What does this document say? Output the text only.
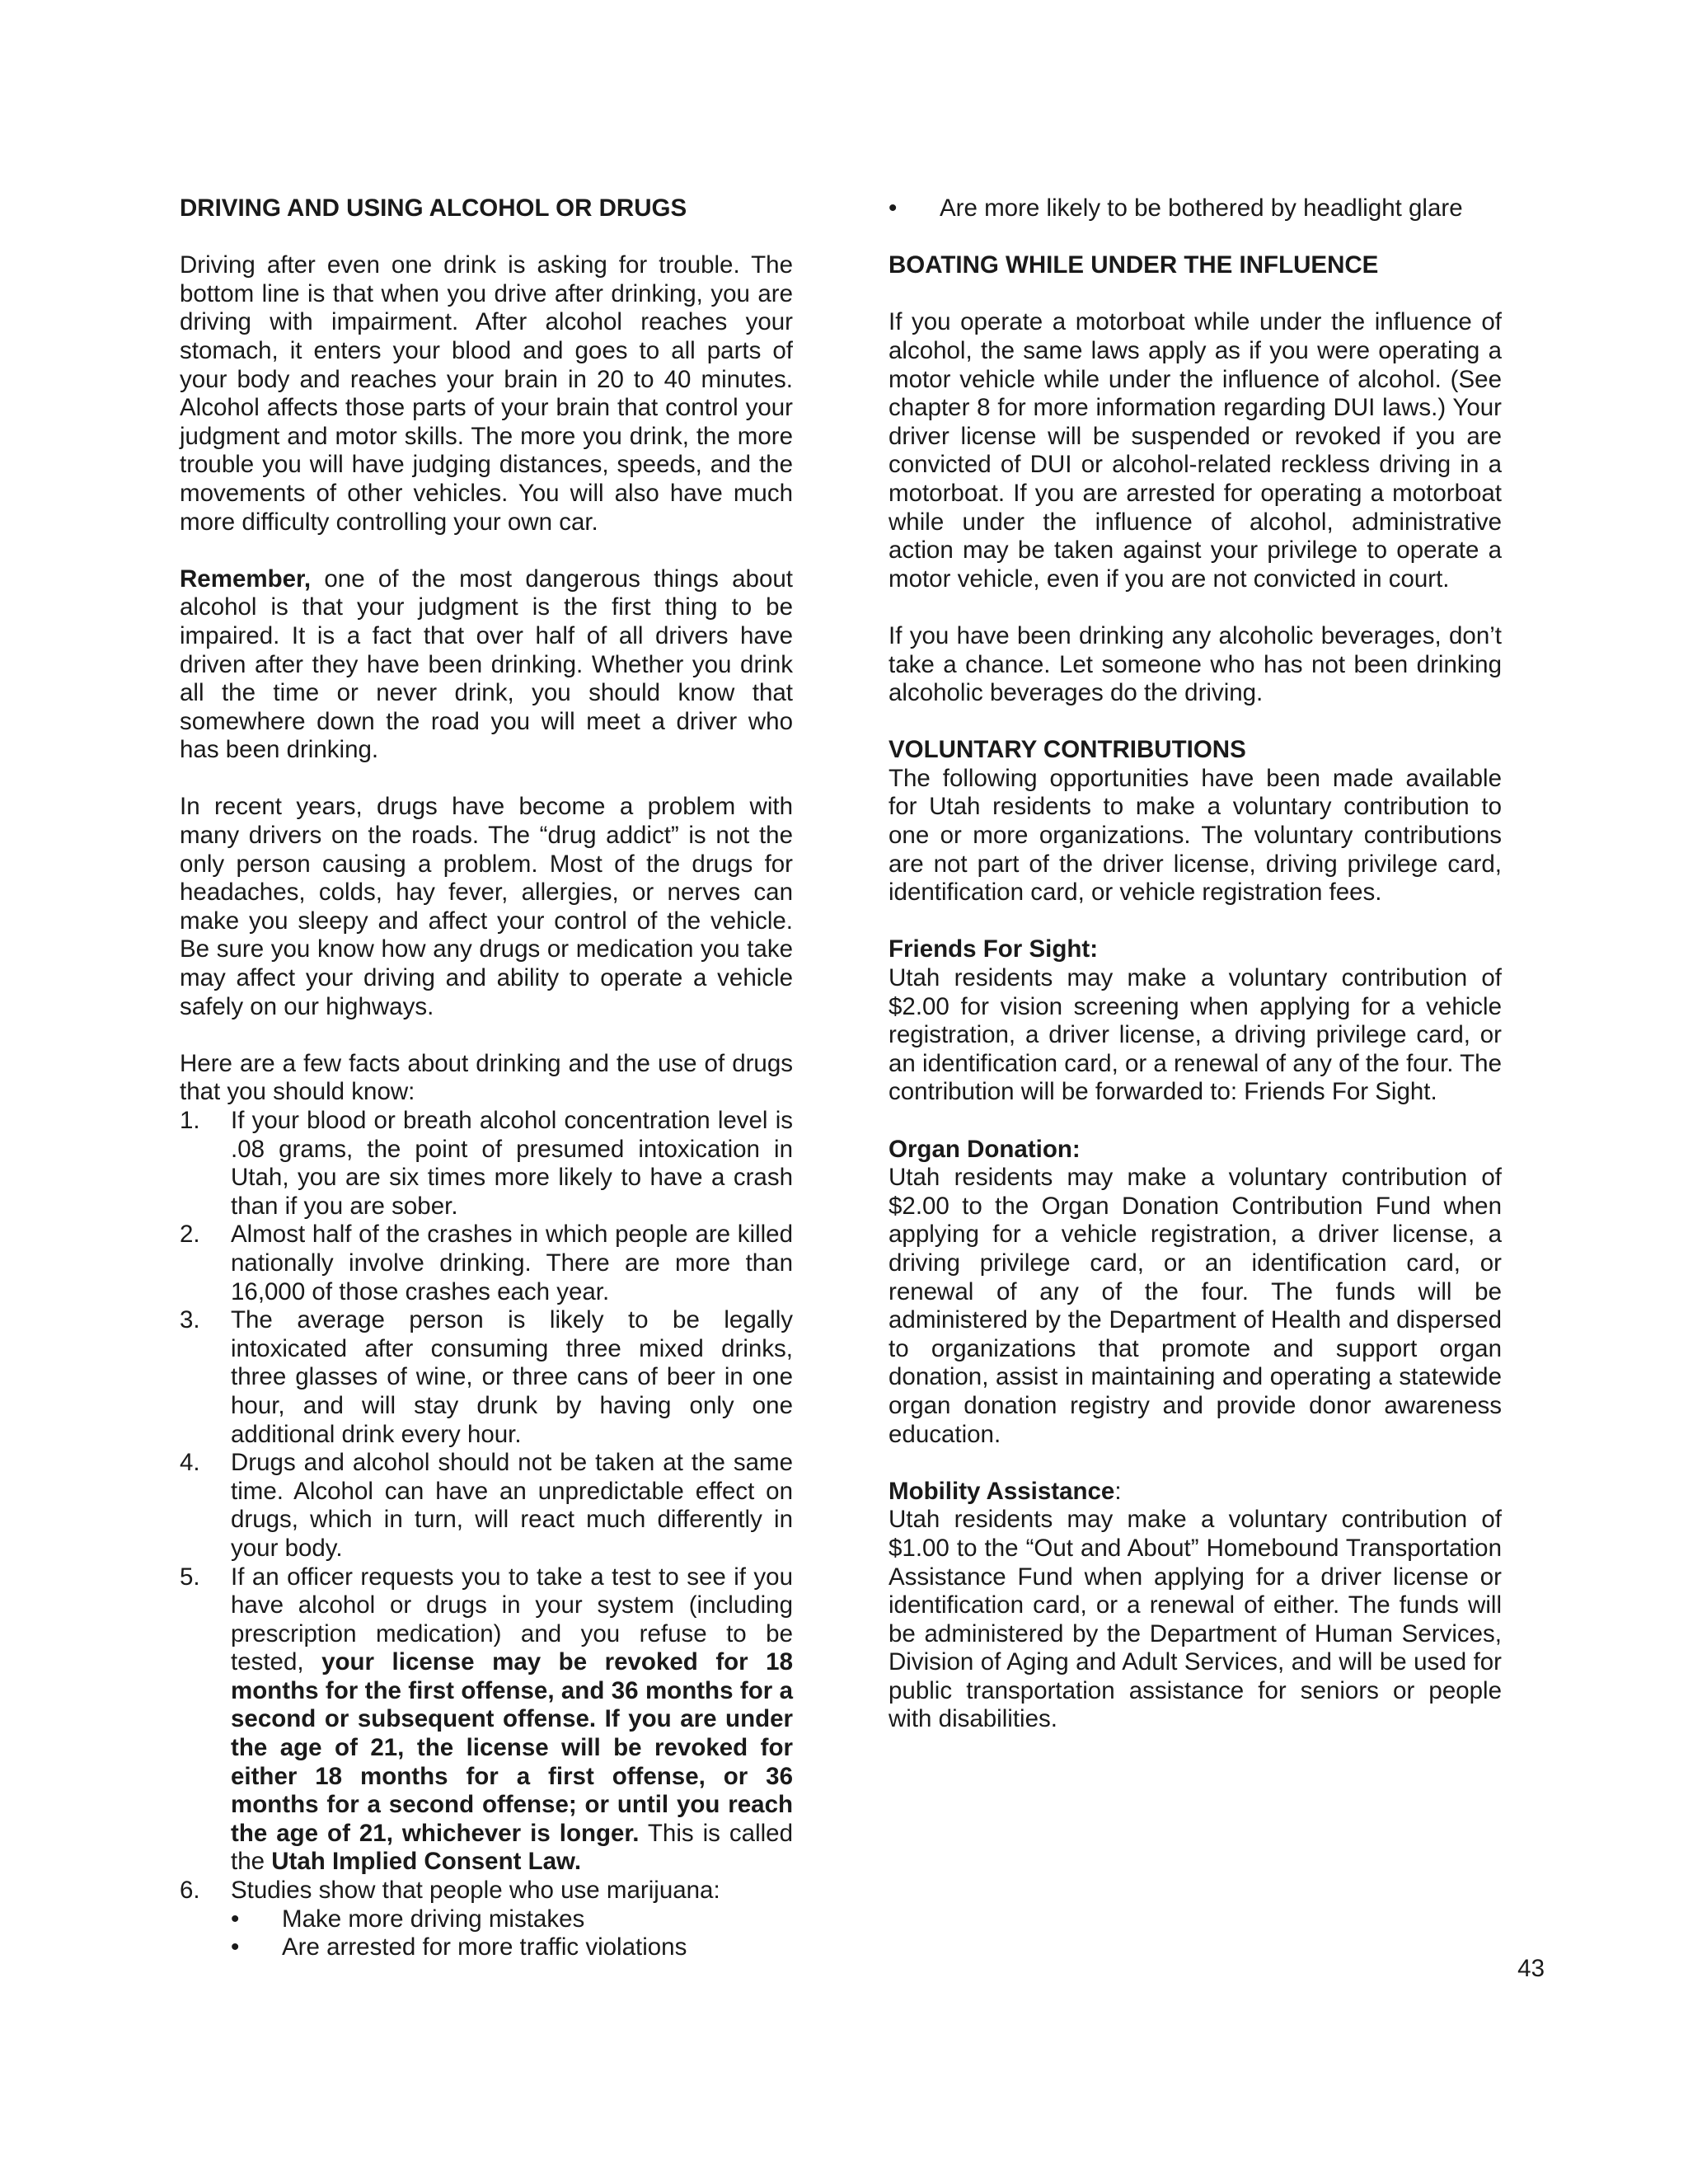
DRIVING AND USING ALCOHOL OR DRUGS

Driving after even one drink is asking for trouble. The bottom line is that when you drive after drinking, you are driving with impairment. After alcohol reaches your stomach, it enters your blood and goes to all parts of your body and reaches your brain in 20 to 40 minutes. Alcohol affects those parts of your brain that control your judgment and motor skills. The more you drink, the more trouble you will have judging distances, speeds, and the movements of other vehicles. You will also have much more difficulty controlling your own car.

Remember, one of the most dangerous things about alcohol is that your judgment is the first thing to be impaired. It is a fact that over half of all drivers have driven after they have been drinking. Whether you drink all the time or never drink, you should know that somewhere down the road you will meet a driver who has been drinking.

In recent years, drugs have become a problem with many drivers on the roads. The “drug addict” is not the only person causing a problem. Most of the drugs for headaches, colds, hay fever, allergies, or nerves can make you sleepy and affect your control of the vehicle. Be sure you know how any drugs or medication you take may affect your driving and ability to operate a vehicle safely on our highways.

Here are a few facts about drinking and the use of drugs that you should know:

1.	If your blood or breath alcohol concentration level is .08 grams, the point of presumed intoxication in Utah, you are six times more likely to have a crash than if you are sober.
2.	Almost half of the crashes in which people are killed nationally involve drinking. There are more than 16,000 of those crashes each year.
3.	The average person is likely to be legally intoxicated after consuming three mixed drinks, three glasses of wine, or three cans of beer in one hour, and will stay drunk by having only one additional drink every hour.
4.	Drugs and alcohol should not be taken at the same time. Alcohol can have an unpredictable effect on drugs, which in turn, will react much differently in your body.
5.	If an officer requests you to take a test to see if you have alcohol or drugs in your system (including prescription medication) and you refuse to be tested, your license may be revoked for 18 months for the first offense, and 36 months for a second or subsequent offense. If you are under the age of 21, the license will be revoked for either 18 months for a first offense, or 36 months for a second offense; or until you reach the age of 21, whichever is longer. This is called the Utah Implied Consent Law.
6.	Studies show that people who use marijuana:
•	Make more driving mistakes
•	Are arrested for more traffic violations
•	Are more likely to be bothered by headlight glare
BOATING WHILE UNDER THE INFLUENCE

If you operate a motorboat while under the influence of alcohol, the same laws apply as if you were operating a motor vehicle while under the influence of alcohol. (See chapter 8 for more information regarding DUI laws.) Your driver license will be suspended or revoked if you are convicted of DUI or alcohol-related reckless driving in a motorboat. If you are arrested for operating a motorboat while under the influence of alcohol, administrative action may be taken against your privilege to operate a motor vehicle, even if you are not convicted in court.

If you have been drinking any alcoholic beverages, don’t take a chance. Let someone who has not been drinking alcoholic beverages do the driving.

VOLUNTARY CONTRIBUTIONS

The following opportunities have been made available for Utah residents to make a voluntary contribution to one or more organizations. The voluntary contributions are not part of the driver license, driving privilege card, identification card, or vehicle registration fees.

Friends For Sight:

Utah residents may make a voluntary contribution of $2.00 for vision screening when applying for a vehicle registration, a driver license, a driving privilege card, or an identification card, or a renewal of any of the four. The contribution will be forwarded to: Friends For Sight.

Organ Donation:

Utah residents may make a voluntary contribution of $2.00 to the Organ Donation Contribution Fund when applying for a vehicle registration, a driver license, a driving privilege card, or an identification card, or renewal of any of the four. The funds will be administered by the Department of Health and dispersed to organizations that promote and support organ donation, assist in maintaining and operating a statewide organ donation registry and provide donor awareness education.

Mobility Assistance:

Utah residents may make a voluntary contribution of $1.00 to the “Out and About” Homebound Transportation Assistance Fund when applying for a driver license or identification card, or a renewal of either. The funds will be administered by the Department of Human Services, Division of Aging and Adult Services, and will be used for public transportation assistance for seniors or people with disabilities.

43
